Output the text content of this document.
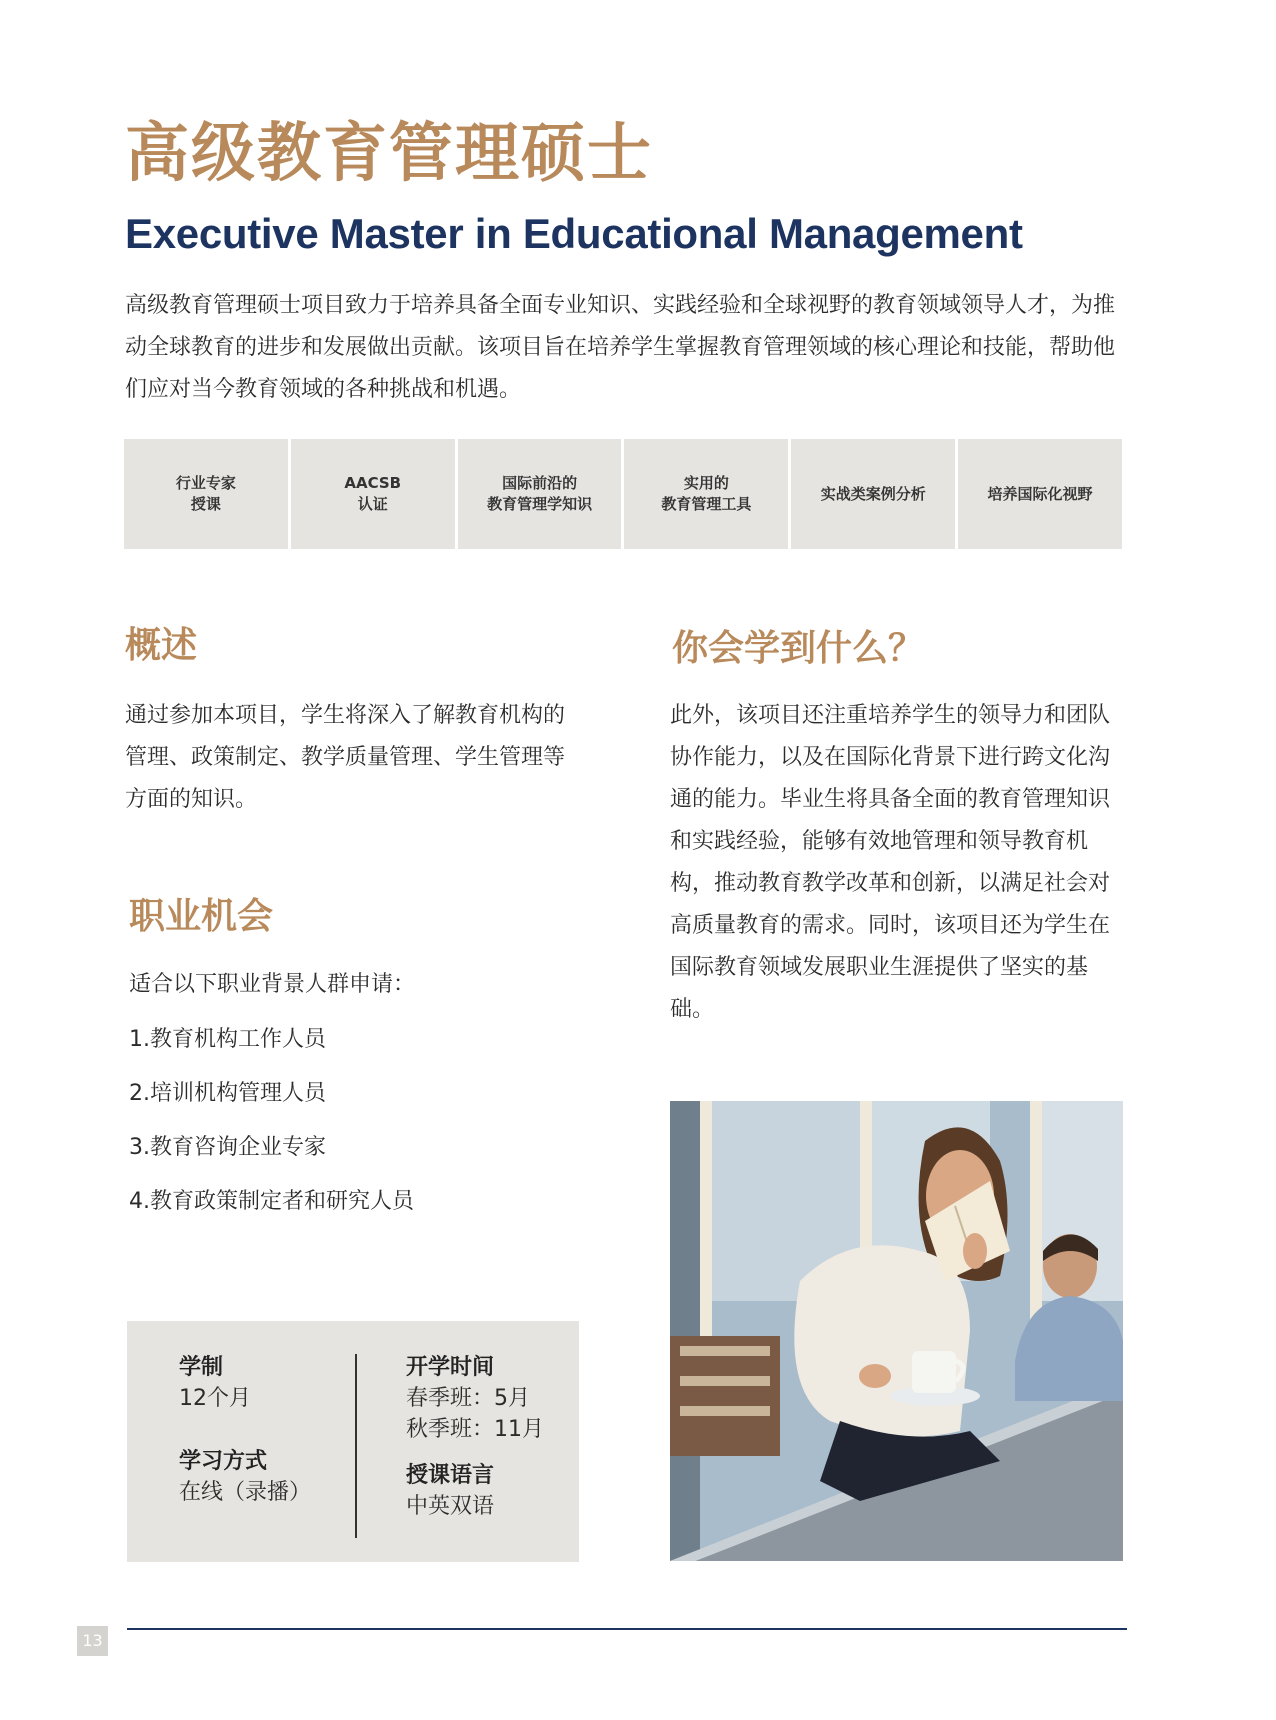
高级教育管理硕士
Executive Master in Educational Management

高级教育管理硕士项目致力于培养具备全面专业知识、实践经验和全球视野的教育领域领导人才，为推动全球教育的进步和发展做出贡献。该项目旨在培养学生掌握教育管理领域的核心理论和技能，帮助他们应对当今教育领域的各种挑战和机遇。

行业专家
授课
AACSB
认证
国际前沿的
教育管理学知识
实用的
教育管理工具
实战类案例分析	培养国际化视野
概述

通过参加本项目，学生将深入了解教育机构的管理、政策制定、教学质量管理、学生管理等方面的知识。

职业机会

适合以下职业背景人群申请：

1.教育机构工作人员
2.培训机构管理人员
3.教育咨询企业专家
4.教育政策制定者和研究人员
你会学到什么？

此外，该项目还注重培养学生的领导力和团队协作能力，以及在国际化背景下进行跨文化沟通的能力。毕业生将具备全面的教育管理知识和实践经验，能够有效地管理和领导教育机构，推动教育教学改革和创新，以满足社会对高质量教育的需求。同时，该项目还为学生在国际教育领域发展职业生涯提供了坚实的基础。

学制
12个月
学习方式
在线（录播）
开学时间
春季班：5月
秋季班：11月
授课语言
中英双语
13
